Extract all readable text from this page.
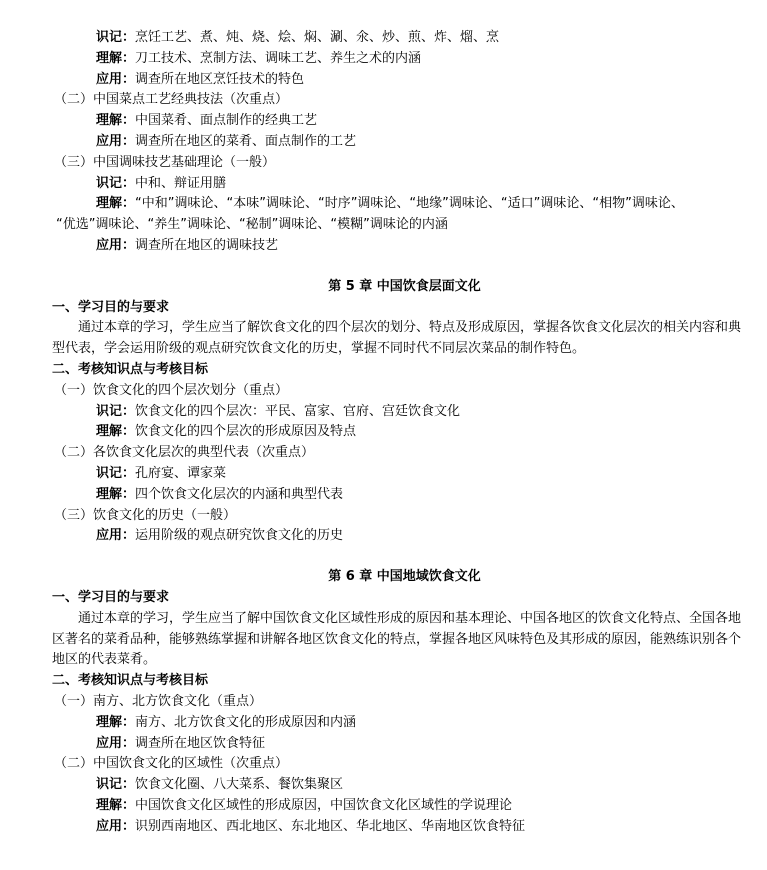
识记：烹饪工艺、煮、炖、烧、烩、焖、涮、氽、炒、煎、炸、熘、烹
理解：刀工技术、烹制方法、调味工艺、养生之术的内涵
应用：调查所在地区烹饪技术的特色
（二）中国菜点工艺经典技法（次重点）
理解：中国菜肴、面点制作的经典工艺
应用：调查所在地区的菜肴、面点制作的工艺
（三）中国调味技艺基础理论（一般）
识记：中和、辩证用膳
理解：“中和”调味论、“本味”调味论、“时序”调味论、“地缘”调味论、“适口”调味论、“相物”调味论、
“优选”调味论、“养生”调味论、“秘制”调味论、“模糊”调味论的内涵
应用：调查所在地区的调味技艺
第 5 章 中国饮食层面文化
一、学习目的与要求
通过本章的学习，学生应当了解饮食文化的四个层次的划分、特点及形成原因，掌握各饮食文化层次的相关内容和典型代表，学会运用阶级的观点研究饮食文化的历史，掌握不同时代不同层次菜品的制作特色。
二、考核知识点与考核目标
（一）饮食文化的四个层次划分（重点）
识记：饮食文化的四个层次：平民、富家、官府、宫廷饮食文化
理解：饮食文化的四个层次的形成原因及特点
（二）各饮食文化层次的典型代表（次重点）
识记：孔府宴、谭家菜
理解：四个饮食文化层次的内涵和典型代表
（三）饮食文化的历史（一般）
应用：运用阶级的观点研究饮食文化的历史
第 6 章 中国地域饮食文化
一、学习目的与要求
通过本章的学习，学生应当了解中国饮食文化区域性形成的原因和基本理论、中国各地区的饮食文化特点、全国各地区著名的菜肴品种，能够熟练掌握和讲解各地区饮食文化的特点，掌握各地区风味特色及其形成的原因，能熟练识别各个地区的代表菜肴。
二、考核知识点与考核目标
（一）南方、北方饮食文化（重点）
理解：南方、北方饮食文化的形成原因和内涵
应用：调查所在地区饮食特征
（二）中国饮食文化的区域性（次重点）
识记：饮食文化圈、八大菜系、餐饮集聚区
理解：中国饮食文化区域性的形成原因，中国饮食文化区域性的学说理论
应用：识别西南地区、西北地区、东北地区、华北地区、华南地区饮食特征
